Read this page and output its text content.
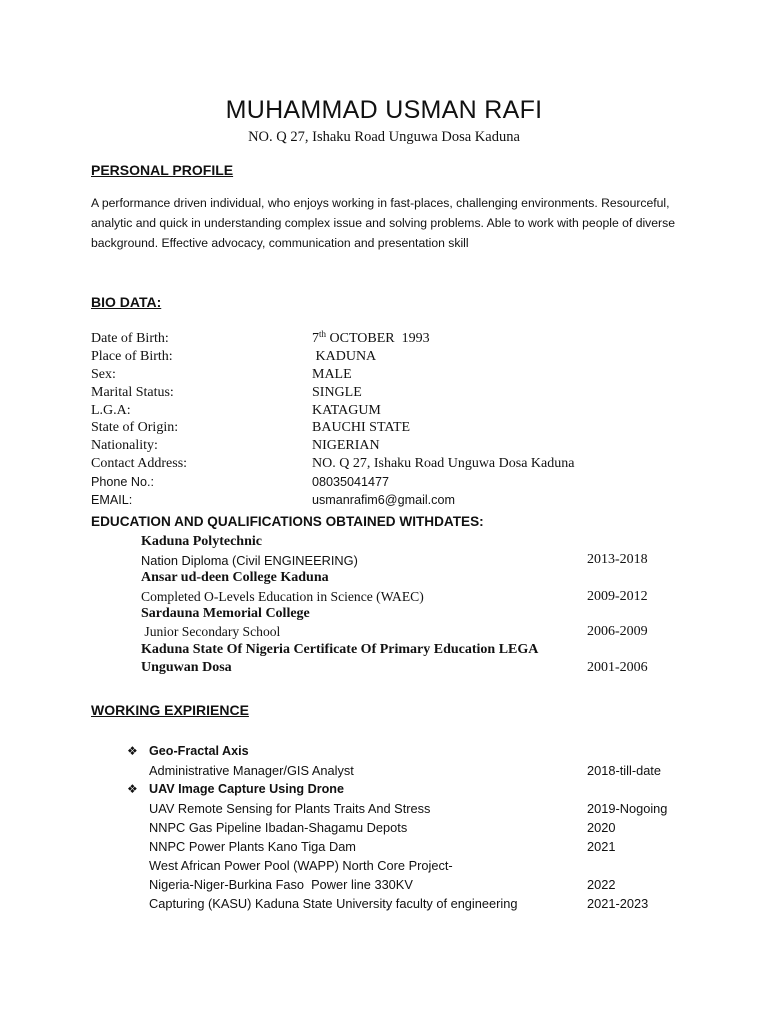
MUHAMMAD USMAN RAFI
NO. Q 27, Ishaku Road Unguwa Dosa Kaduna
PERSONAL PROFILE
A performance driven individual, who enjoys working in fast-places, challenging environments. Resourceful, analytic and quick in understanding complex issue and solving problems. Able to work with people of diverse background. Effective advocacy, communication and presentation skill
BIO DATA:
Date of Birth:	7th OCTOBER  1993
Place of Birth:	KADUNA
Sex:	MALE
Marital Status:	SINGLE
L.G.A:	KATAGUM
State of Origin:	BAUCHI STATE
Nationality:	NIGERIAN
Contact Address:	NO. Q 27, Ishaku Road Unguwa Dosa Kaduna
Phone No.:	08035041477
EMAIL:	usmanrafim6@gmail.com
EDUCATION AND QUALIFICATIONS OBTAINED WITHDATES:
Kaduna Polytechnic
Nation Diploma (Civil ENGINEERING)	2013-2018
Ansar ud-deen College Kaduna
Completed O-Levels Education in Science (WAEC)	2009-2012
Sardauna Memorial College
Junior Secondary School	2006-2009
Kaduna State Of Nigeria Certificate Of Primary Education LEGA
Unguwan Dosa	2001-2006
WORKING EXPIRIENCE
❖ Geo-Fractal Axis
Administrative Manager/GIS Analyst	2018-till-date
❖ UAV Image Capture Using Drone
UAV Remote Sensing for Plants Traits And Stress	2019-Nogoing
NNPC Gas Pipeline Ibadan-Shagamu Depots	2020
NNPC Power Plants Kano Tiga Dam	2021
West African Power Pool (WAPP) North Core Project-
Nigeria-Niger-Burkina Faso  Power line 330KV	2022
Capturing (KASU) Kaduna State University faculty of engineering	2021-2023
